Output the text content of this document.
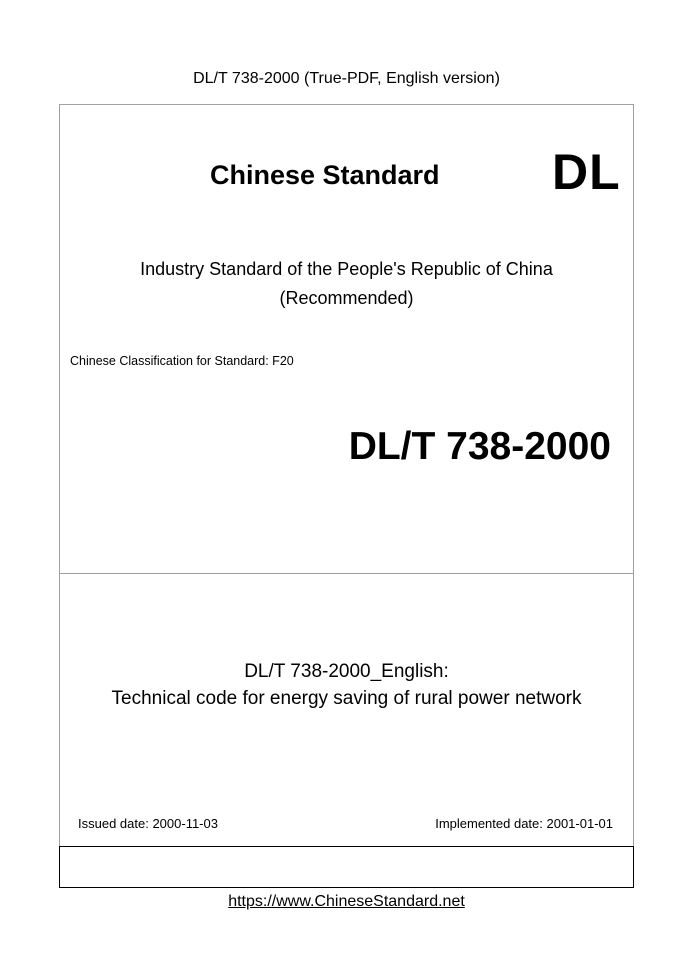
DL/T 738-2000 (True-PDF, English version)
Chinese Standard DL
Industry Standard of the People's Republic of China
(Recommended)
Chinese Classification for Standard: F20
DL/T 738-2000
DL/T 738-2000_English:
Technical code for energy saving of rural power network
Issued date: 2000-11-03	Implemented date: 2001-01-01
https://www.ChineseStandard.net
